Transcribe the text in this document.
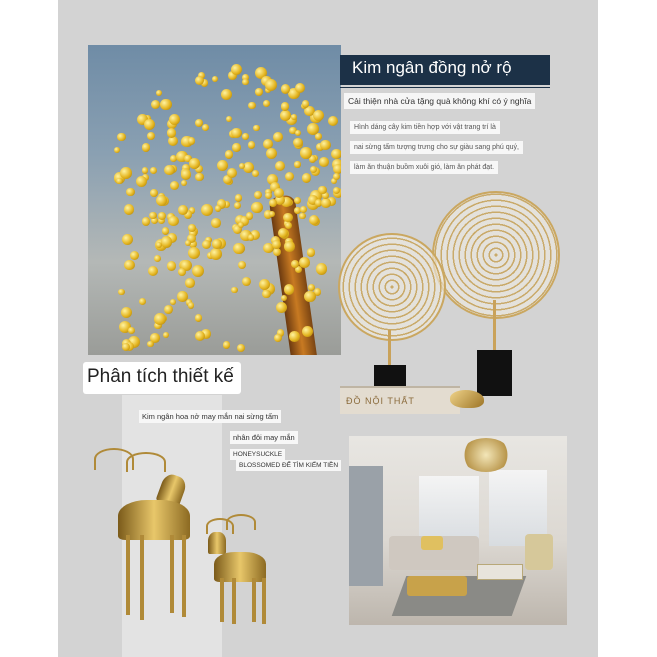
Kim ngân đồng nở rộ
Cải thiện nhà cửa tặng quà không khí có ý nghĩa
Hình dáng cây kim tiền hợp với vật trang trí là
nai sừng tấm tượng trưng cho sự giàu sang phú quý,
làm ăn thuận buồm xuôi gió, làm ăn phát đạt.
ĐỒ NỘI THẤT
Phân tích thiết kế
Kim ngân hoa nở may mắn nai sừng tấm
nhân đôi may mắn
HONEYSUCKLE
BLOSSOMED ĐỂ TÌM KIẾM TIỀN
